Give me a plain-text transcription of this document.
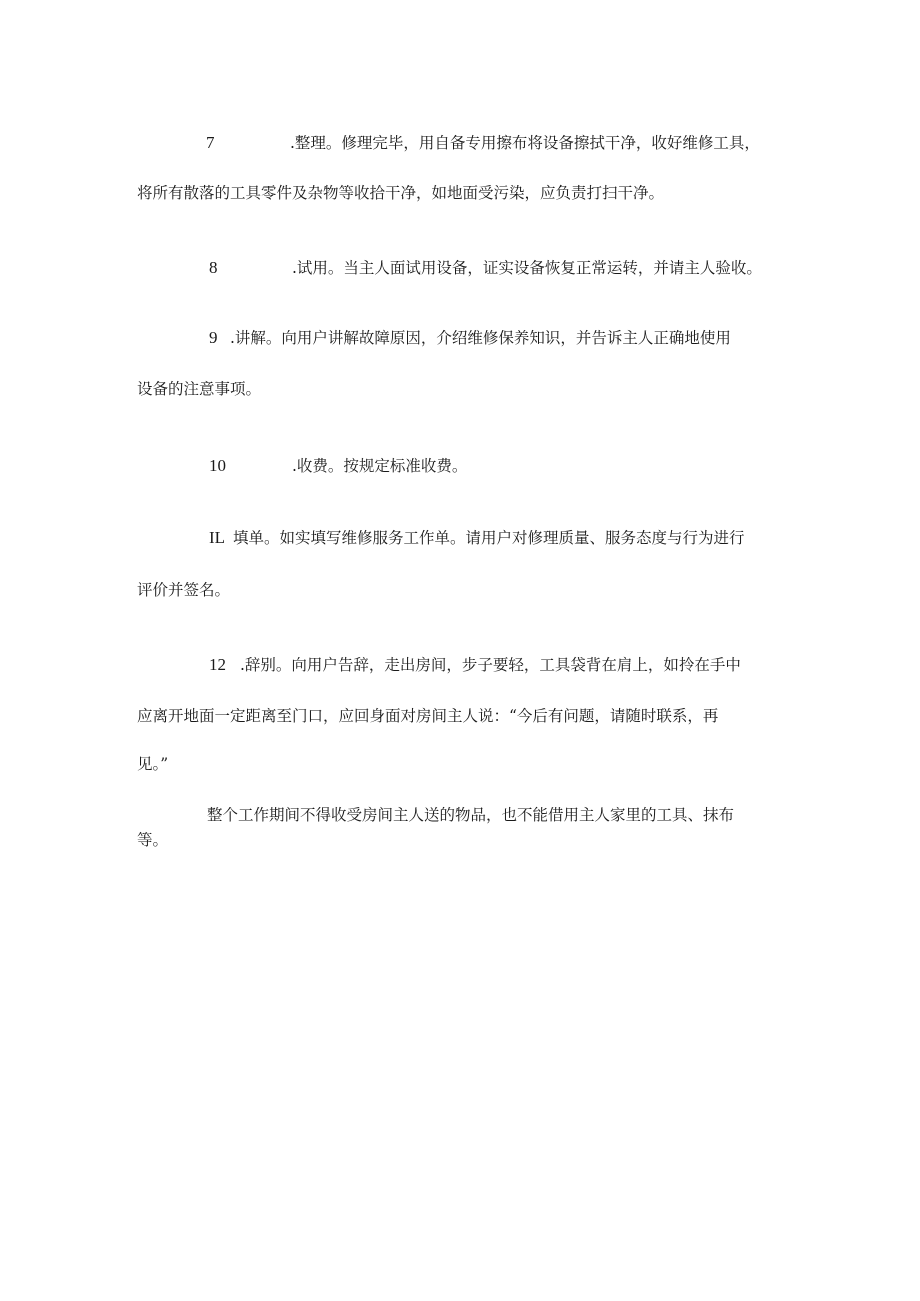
7	.整理。修理完毕，用自备专用擦布将设备擦拭干净，收好维修工具，
将所有散落的工具零件及杂物等收拾干净，如地面受污染，应负责打扫干净。
8	.试用。当主人面试用设备，证实设备恢复正常运转，并请主人验收。
9 .讲解。向用户讲解故障原因，介绍维修保养知识，并告诉主人正确地使用
设备的注意事项。
10	.收费。按规定标准收费。
IL 填单。如实填写维修服务工作单。请用户对修理质量、服务态度与行为进行
评价并签名。
12 .辞别。向用户告辞，走出房间，步子要轻，工具袋背在肩上，如拎在手中
应离开地面一定距离至门口，应回身面对房间主人说：“今后有问题，请随时联系，再
见。”
整个工作期间不得收受房间主人送的物品，也不能借用主人家里的工具、抹布
等。
